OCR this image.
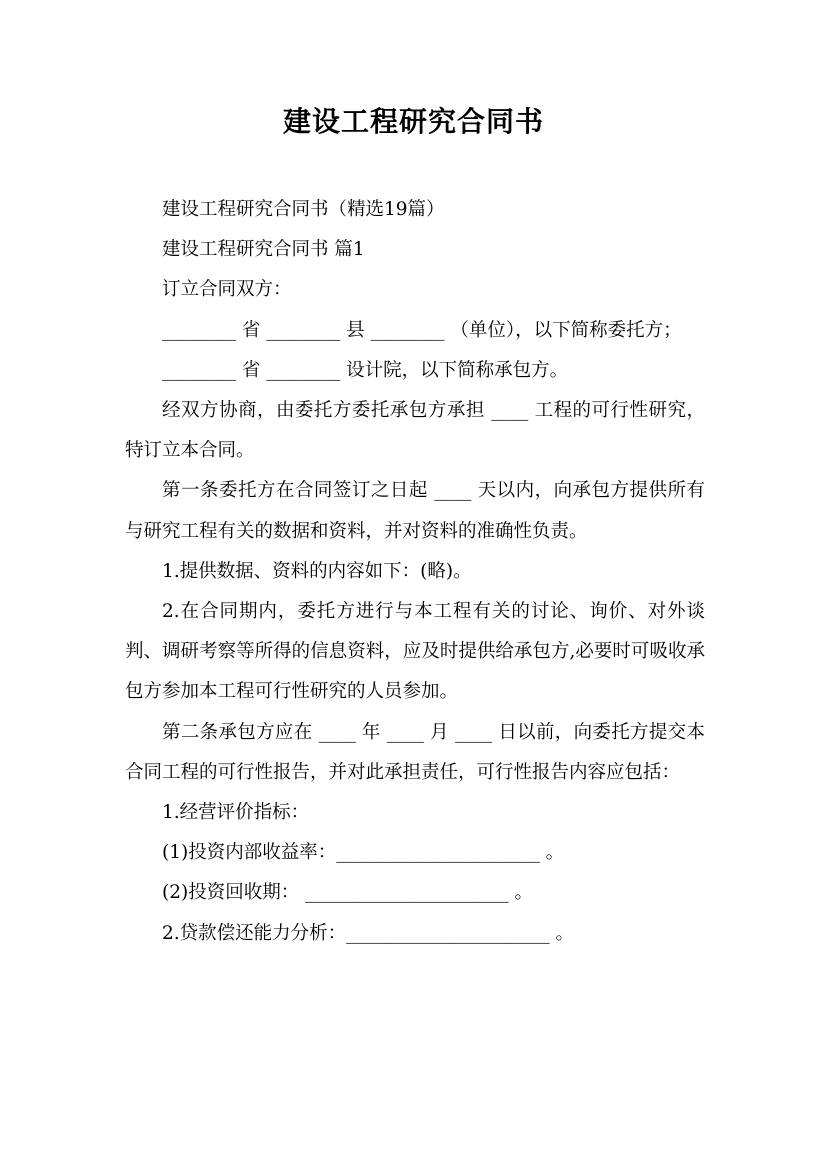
建设工程研究合同书

建设工程研究合同书（精选19篇）

建设工程研究合同书 篇1

订立合同双方：

________ 省 ________ 县 ________ （单位），以下简称委托方；

________ 省 ________ 设计院，以下简称承包方。

经双方协商，由委托方委托承包方承担 ____ 工程的可行性研究，特订立本合同。

第一条委托方在合同签订之日起 ____ 天以内，向承包方提供所有与研究工程有关的数据和资料，并对资料的准确性负责。

1.提供数据、资料的内容如下：(略)。

2.在合同期内，委托方进行与本工程有关的讨论、询价、对外谈判、调研考察等所得的信息资料，应及时提供给承包方,必要时可吸收承包方参加本工程可行性研究的人员参加。

第二条承包方应在 ____ 年 ____ 月 ____ 日以前，向委托方提交本合同工程的可行性报告，并对此承担责任，可行性报告内容应包括：

1.经营评价指标：

(1)投资内部收益率：______________________ 。

(2)投资回收期： ______________________ 。

2.贷款偿还能力分析：______________________ 。
